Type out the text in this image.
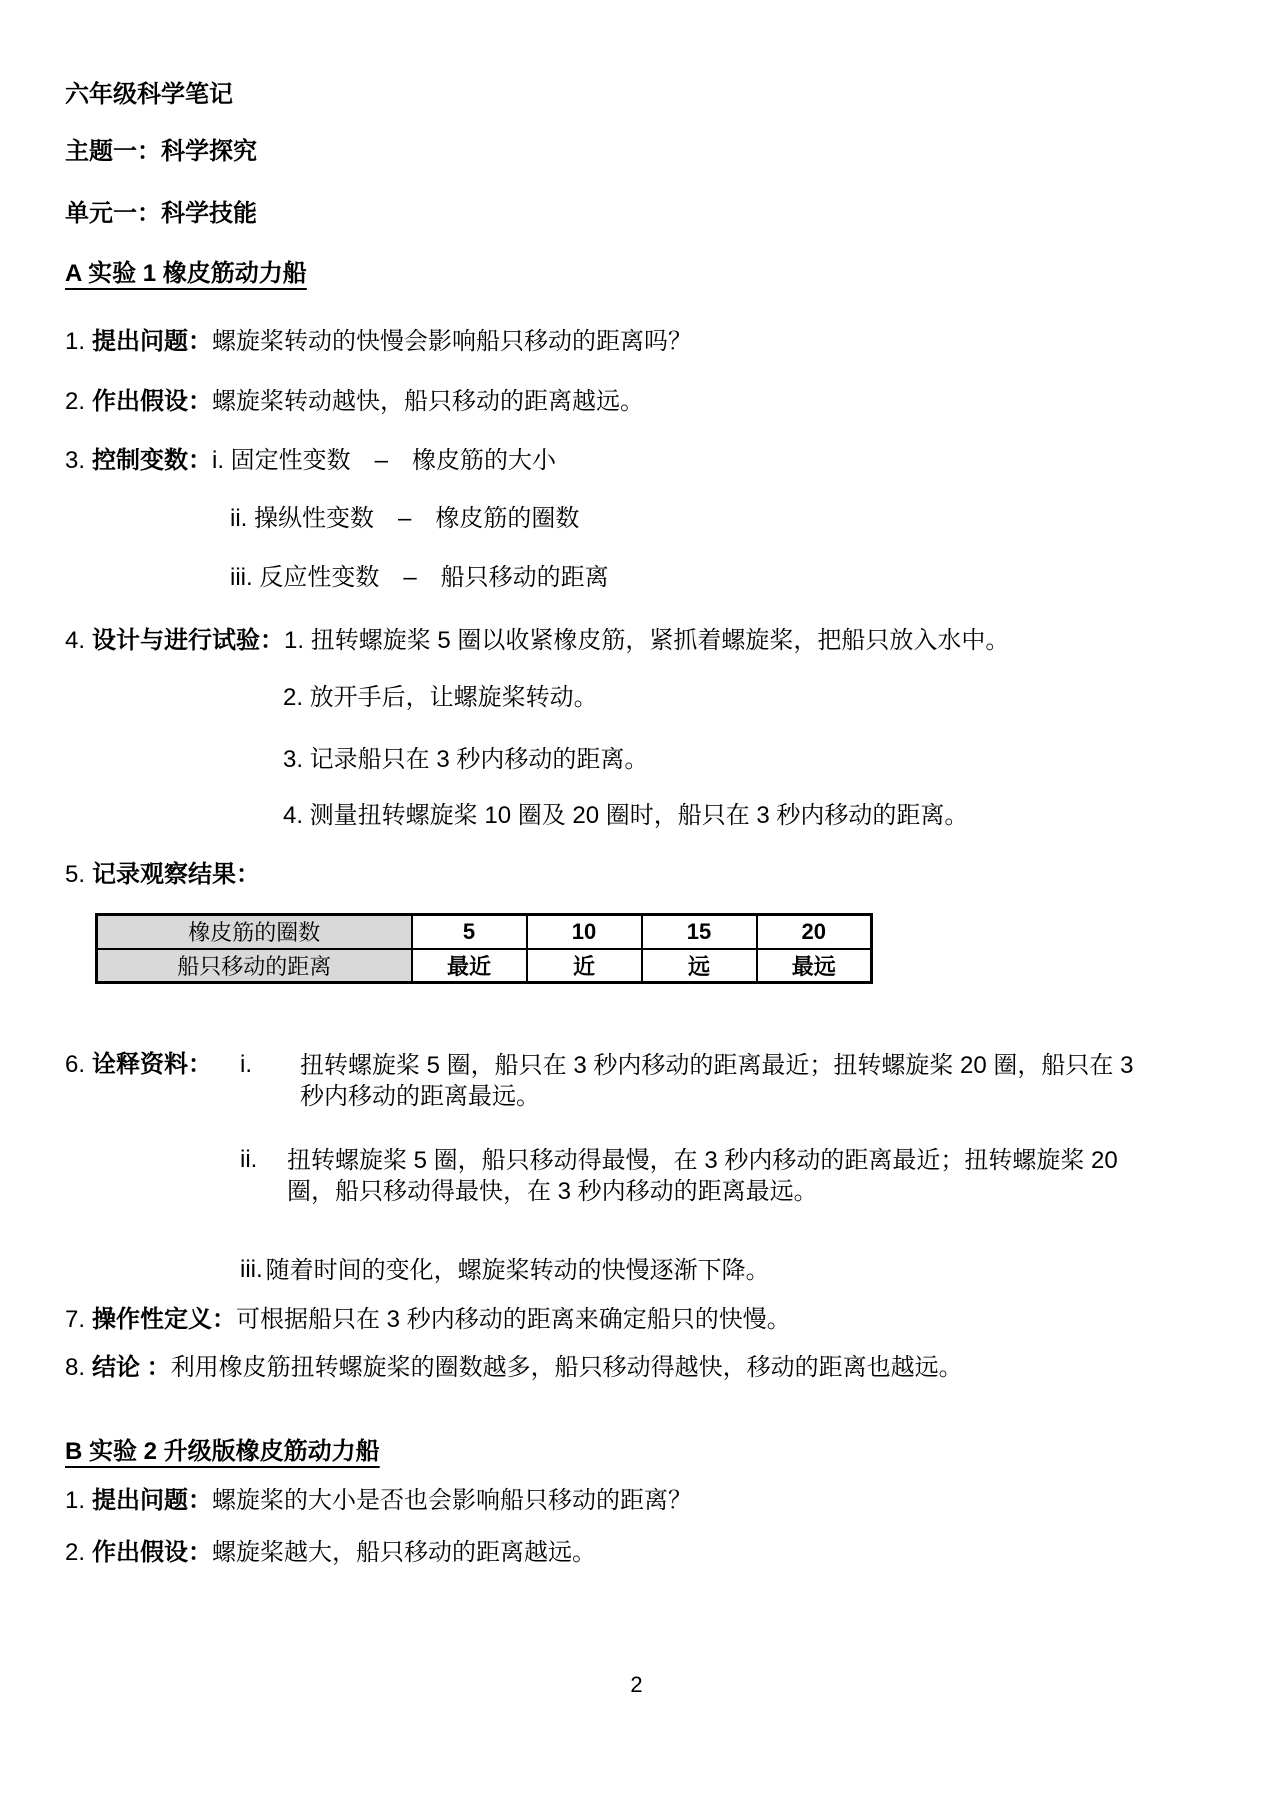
六年级科学笔记
主题一：科学探究
单元一：科学技能
A 实验 1 橡皮筋动力船
1. 提出问题：螺旋桨转动的快慢会影响船只移动的距离吗？
2. 作出假设：螺旋桨转动越快，船只移动的距离越远。
3. 控制变数：i. 固定性变数　–　橡皮筋的大小
ii. 操纵性变数　–　橡皮筋的圈数
iii. 反应性变数　–　船只移动的距离
4. 设计与进行试验：1. 扭转螺旋桨 5 圈以收紧橡皮筋，紧抓着螺旋桨，把船只放入水中。
2. 放开手后，让螺旋桨转动。
3. 记录船只在 3 秒内移动的距离。
4. 测量扭转螺旋桨 10 圈及 20 圈时，船只在 3 秒内移动的距离。
5. 记录观察结果：
橡皮筋的圈数	5	10	15	20
船只移动的距离	最近	近	远	最远
6. 诠释资料： i.	扭转螺旋桨 5 圈，船只在 3 秒内移动的距离最近；扭转螺旋桨 20 圈，船只在 3 秒内移动的距离最远。
ii.	扭转螺旋桨 5 圈，船只移动得最慢，在 3 秒内移动的距离最近；扭转螺旋桨 20 圈，船只移动得最快，在 3 秒内移动的距离最远。
iii. 随着时间的变化，螺旋桨转动的快慢逐渐下降。
7. 操作性定义：可根据船只在 3 秒内移动的距离来确定船只的快慢。
8. 结论 ：利用橡皮筋扭转螺旋桨的圈数越多，船只移动得越快，移动的距离也越远。
B 实验 2 升级版橡皮筋动力船
1. 提出问题：螺旋桨的大小是否也会影响船只移动的距离？
2. 作出假设：螺旋桨越大，船只移动的距离越远。
2
